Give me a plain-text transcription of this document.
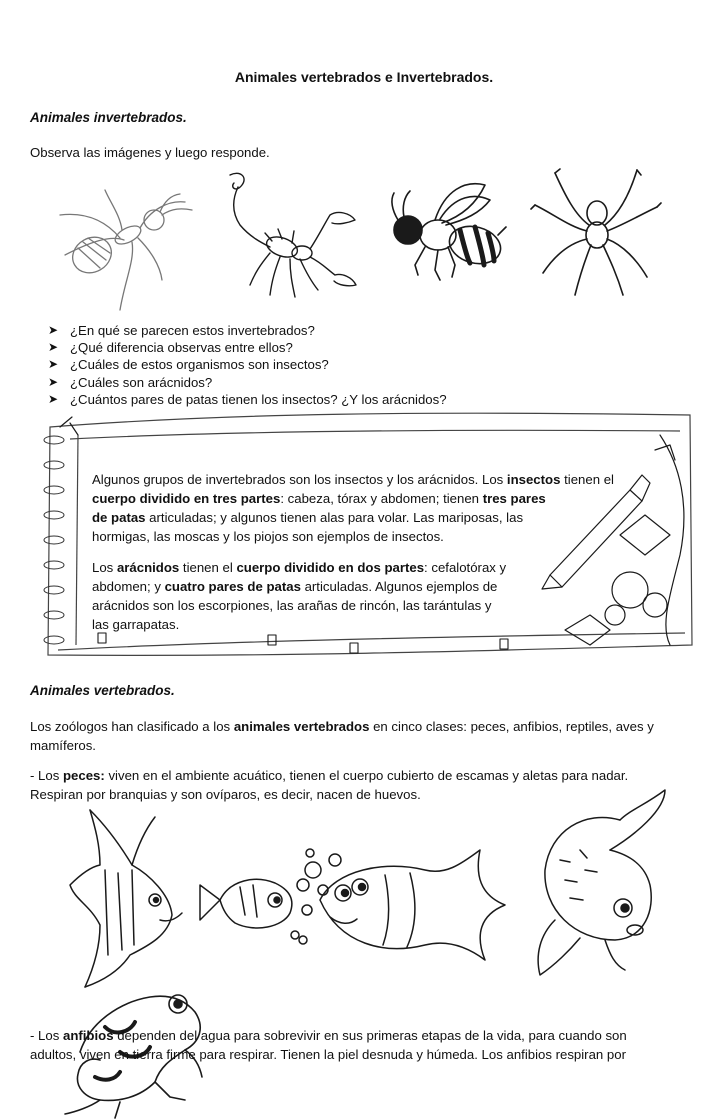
Animales vertebrados e Invertebrados.
Animales invertebrados.
Observa las imágenes y luego responde.
➤ ¿En qué se parecen estos invertebrados?
➤ ¿Qué diferencia observas entre ellos?
➤ ¿Cuáles de estos organismos son insectos?
➤ ¿Cuáles son arácnidos?
➤ ¿Cuántos pares de patas tienen los insectos? ¿Y los arácnidos?

Algunos grupos de invertebrados son los insectos y los arácnidos. Los insectos tienen el
cuerpo dividido en tres partes: cabeza, tórax y abdomen; tienen tres pares
de patas articuladas; y algunos tienen alas para volar. Las mariposas, las
hormigas, las moscas y los piojos son ejemplos de insectos.

Los arácnidos tienen el cuerpo dividido en dos partes: cefalotórax y
abdomen; y cuatro pares de patas articuladas. Algunos ejemplos de
arácnidos son los escorpiones, las arañas de rincón, las tarántulas y
las garrapatas.

Animales vertebrados.
Los zoólogos han clasificado a los animales vertebrados en cinco clases: peces, anfibios, reptiles, aves y
mamíferos.
- Los peces: viven en el ambiente acuático, tienen el cuerpo cubierto de escamas y aletas para nadar.
Respiran por branquias y son ovíparos, es decir, nacen de huevos.
- Los anfibios dependen del agua para sobrevivir en sus primeras etapas de la vida, para cuando son
adultos, viven en tierra firme para respirar. Tienen la piel desnuda y húmeda. Los anfibios respiran por
